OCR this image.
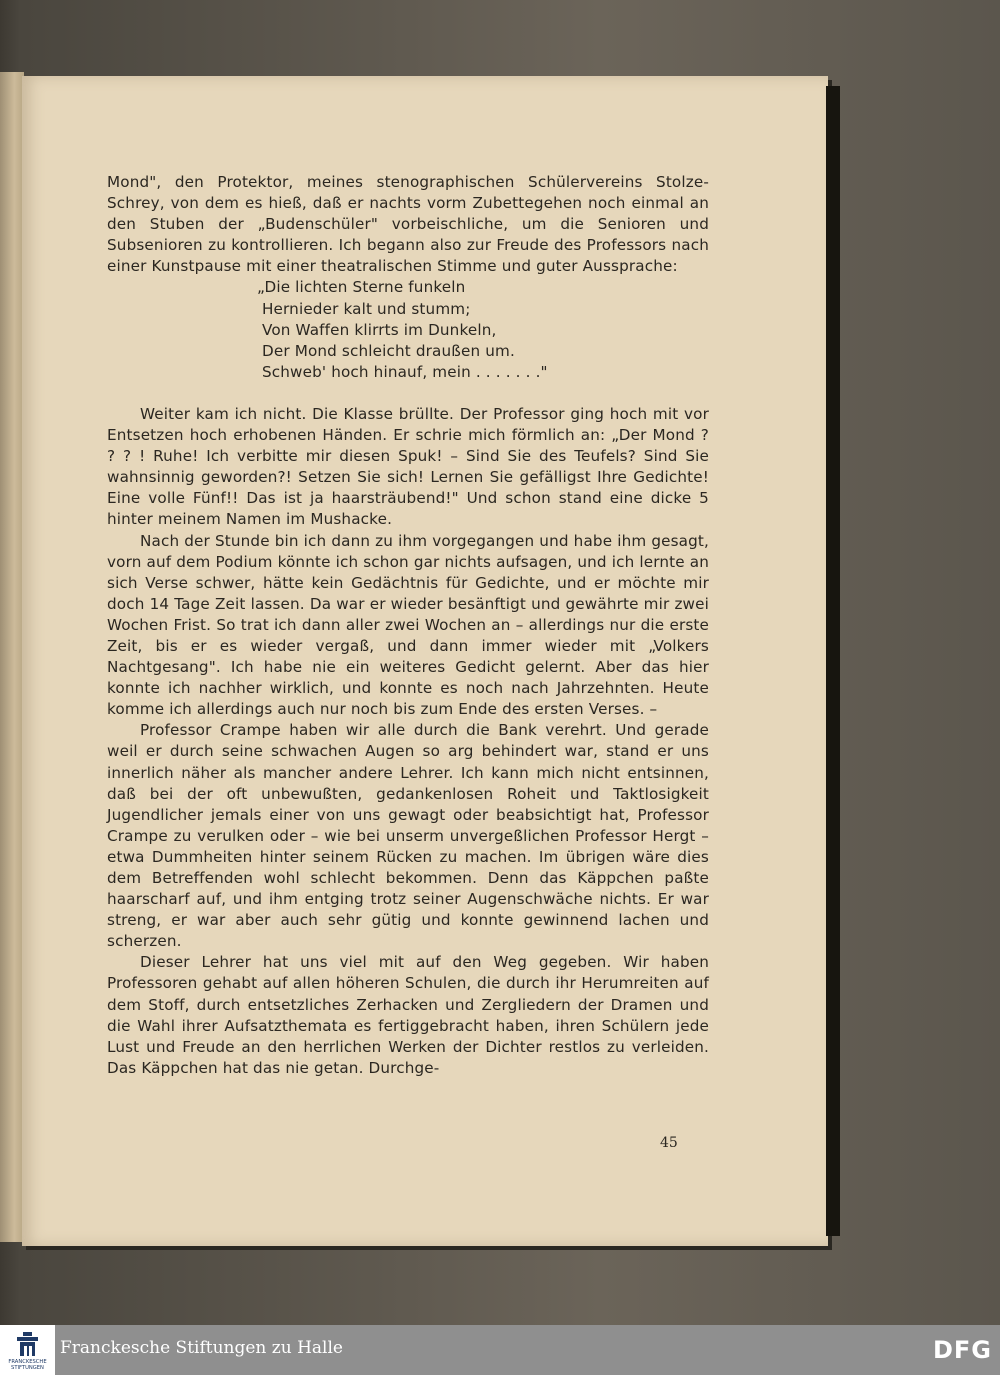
Mond", den Protektor, meines stenographischen Schülervereins Stolze-Schrey, von dem es hieß, daß er nachts vorm Zubettegehen noch einmal an den Stuben der „Budenschüler" vorbeischliche, um die Senioren und Subsenioren zu kontrollieren. Ich begann also zur Freude des Professors nach einer Kunstpause mit einer theatralischen Stimme und guter Aussprache:

„Die lichten Sterne funkeln
Hernieder kalt und stumm;
Von Waffen klirrts im Dunkeln,
Der Mond schleicht draußen um.
Schweb' hoch hinauf, mein . . . . . . ."

Weiter kam ich nicht. Die Klasse brüllte. Der Professor ging hoch mit vor Entsetzen hoch erhobenen Händen. Er schrie mich förmlich an: „Der Mond ? ? ? ! Ruhe! Ich verbitte mir diesen Spuk! – Sind Sie des Teufels? Sind Sie wahnsinnig geworden?! Setzen Sie sich! Lernen Sie gefälligst Ihre Gedichte! Eine volle Fünf!! Das ist ja haarsträubend!" Und schon stand eine dicke 5 hinter meinem Namen im Mushacke.

Nach der Stunde bin ich dann zu ihm vorgegangen und habe ihm gesagt, vorn auf dem Podium könnte ich schon gar nichts aufsagen, und ich lernte an sich Verse schwer, hätte kein Gedächtnis für Gedichte, und er möchte mir doch 14 Tage Zeit lassen. Da war er wieder besänftigt und gewährte mir zwei Wochen Frist. So trat ich dann aller zwei Wochen an – allerdings nur die erste Zeit, bis er es wieder vergaß, und dann immer wieder mit „Volkers Nachtgesang". Ich habe nie ein weiteres Gedicht gelernt. Aber das hier konnte ich nachher wirklich, und konnte es noch nach Jahrzehnten. Heute komme ich allerdings auch nur noch bis zum Ende des ersten Verses. –

Professor Crampe haben wir alle durch die Bank verehrt. Und gerade weil er durch seine schwachen Augen so arg behindert war, stand er uns innerlich näher als mancher andere Lehrer. Ich kann mich nicht entsinnen, daß bei der oft unbewußten, gedankenlosen Roheit und Taktlosigkeit Jugendlicher jemals einer von uns gewagt oder beabsichtigt hat, Professor Crampe zu verulken oder – wie bei unserm unvergeßlichen Professor Hergt – etwa Dummheiten hinter seinem Rücken zu machen. Im übrigen wäre dies dem Betreffenden wohl schlecht bekommen. Denn das Käppchen paßte haarscharf auf, und ihm entging trotz seiner Augenschwäche nichts. Er war streng, er war aber auch sehr gütig und konnte gewinnend lachen und scherzen.

Dieser Lehrer hat uns viel mit auf den Weg gegeben. Wir haben Professoren gehabt auf allen höheren Schulen, die durch ihr Herumreiten auf dem Stoff, durch entsetzliches Zerhacken und Zergliedern der Dramen und die Wahl ihrer Aufsatzthemata es fertiggebracht haben, ihren Schülern jede Lust und Freude an den herrlichen Werken der Dichter restlos zu verleiden. Das Käppchen hat das nie getan. Durchge-

45
FRANCKESCHE
STIFTUNGEN
Franckesche Stiftungen zu Halle	DFG
